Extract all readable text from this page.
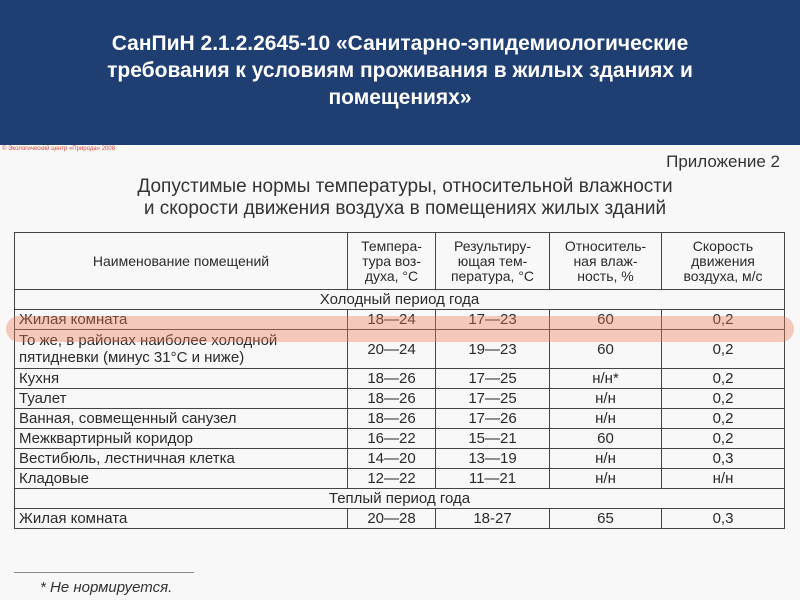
СанПиН 2.1.2.2645-10 «Санитарно-эпидемиологические требования к условиям проживания в жилых зданиях и помещениях»
© Экологический центр «Природа» 2008
Приложение 2
Допустимые нормы температуры, относительной влажности
и скорости движения воздуха в помещениях жилых зданий
Наименование помещений	Темпера-тура воз-духа, °С	Результиру-ющая тем-пература, °С	Относитель-ная влаж-ность, %	Скорость движения воздуха, м/с
Холодный период года				
Жилая комната	18—24	17—23	60	0,2
То же, в районах наиболее холодной пятидневки (минус 31°С и ниже)	20—24	19—23	60	0,2
Кухня	18—26	17—25	н/н*	0,2
Туалет	18—26	17—25	н/н	0,2
Ванная, совмещенный санузел	18—26	17—26	н/н	0,2
Межквартирный коридор	16—22	15—21	60	0,2
Вестибюль, лестничная клетка	14—20	13—19	н/н	0,3
Кладовые	12—22	11—21	н/н	н/н
Теплый период года				
Жилая комната	20—28	18-27	65	0,3
* Не нормируется.
